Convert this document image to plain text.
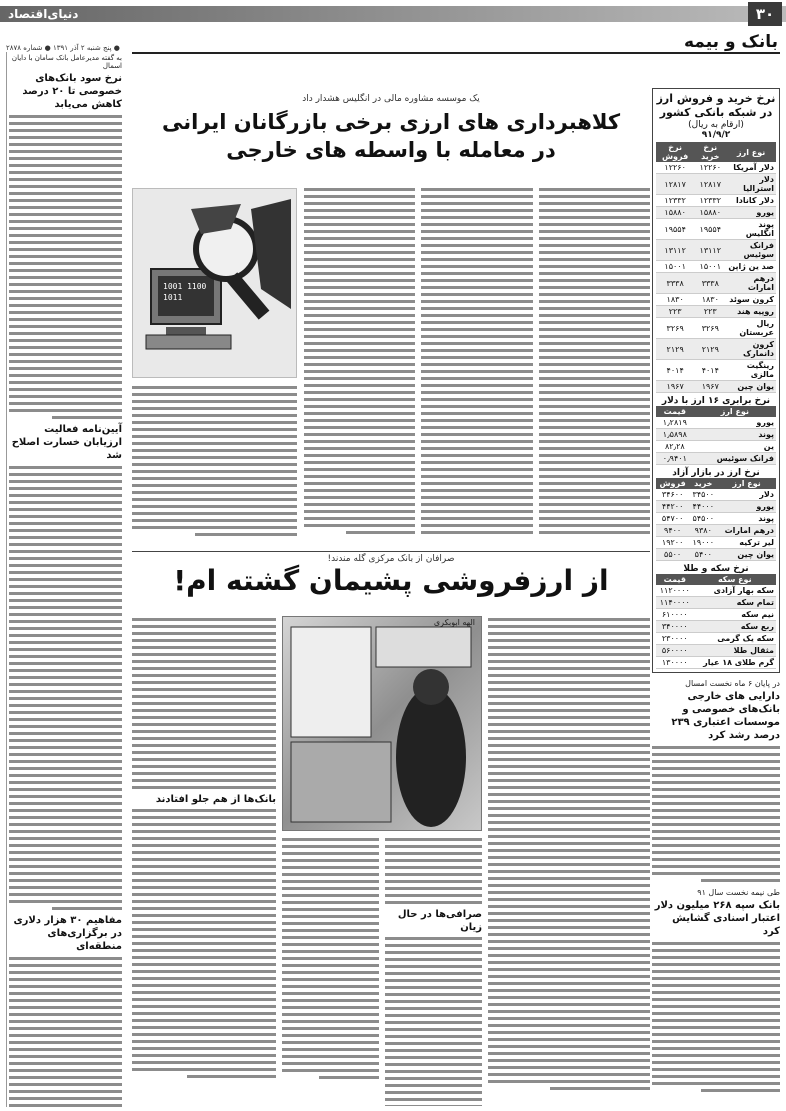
۳۰
دنیای‌اقتصاد
بانک و بیمه
● پنج شنبه ۲ آذر ۱۳۹۱ ● شماره ۲۸۷۸
به گفته مدیرعامل بانک سامان با دایان اسمال
نرخ سود بانک‌های خصوصی تا ۲۰ درصد کاهش می‌یابد
آیین‌نامه فعالیت ارزیابان خسارت اصلاح شد
مفاهیم ۳۰ هزار دلاری
در برگزاری‌های منطقه‌ای
یک موسسه مشاوره مالی در انگلیس هشدار داد
کلاهبرداری های ارزی برخی بازرگانان ایرانی
در معامله با واسطه های خارجی
1001 1100 1011
صرافان از بانک مرکزی گله مندند!
از ارزفروشی پشیمان گشته ام!
الهه ابوبکری
بانک‌ها از هم جلو افتادند
صرافی‌ها در حال زیان
نرخ خرید و فروش ارز در شبکه بانکی کشور
(ارقام به ریال)
۹۱/۹/۲
نوع ارز	نرخ خرید	نرخ فروش
دلار آمریکا	۱۲۲۶۰	۱۲۲۶۰
دلار استرالیا	۱۲۸۱۷	۱۲۸۱۷
دلار کانادا	۱۲۳۳۲	۱۲۳۳۲
یورو	۱۵۸۸۰	۱۵۸۸۰
پوند انگلیس	۱۹۵۵۴	۱۹۵۵۴
فرانک سوئیس	۱۳۱۱۲	۱۳۱۱۲
صد ین ژاپن	۱۵۰۰۱	۱۵۰۰۱
درهم امارات	۳۳۳۸	۳۳۳۸
کرون سوئد	۱۸۳۰	۱۸۳۰
روپیه هند	۲۲۳	۲۲۳
ریال عربستان	۳۲۶۹	۳۲۶۹
کرون دانمارک	۲۱۲۹	۲۱۲۹
رینگیت مالزی	۴۰۱۴	۴۰۱۴
یوان چین	۱۹۶۷	۱۹۶۷
نرخ برابری ۱۶ ارز با دلار
نوع ارز	قیمت
یورو	۱٫۲۸۱۹
پوند	۱٫۵۸۹۸
ین	۸۲٫۲۸
فرانک سوئیس	۰٫۹۴۰۱
نرخ ارز در بازار آزاد
نوع ارز	خرید	فروش
دلار	۳۴۵۰۰	۳۴۶۰۰
یورو	۴۴۰۰۰	۴۴۲۰۰
پوند	۵۴۵۰۰	۵۴۷۰۰
درهم امارات	۹۳۸۰	۹۴۰۰
لیر ترکیه	۱۹۰۰۰	۱۹۲۰۰
یوان چین	۵۴۰۰	۵۵۰۰
نرخ سکه و طلا
نوع سکه	قیمت
سکه بهار آزادی	۱۱۲۰۰۰۰
تمام سکه	۱۱۴۰۰۰۰
نیم سکه	۶۱۰۰۰۰
ربع سکه	۳۴۰۰۰۰
سکه یک گرمی	۲۳۰۰۰۰
مثقال طلا	۵۶۰۰۰۰
گرم طلای ۱۸ عیار	۱۳۰۰۰۰
در پایان ۶ ماه نخست امسال
دارایی های خارجی بانک‌های خصوصی و موسسات اعتباری ۲۳۹ درصد رشد کرد
طی نیمه نخست سال ۹۱
بانک سپه ۲۶۸ میلیون دلار اعتبار اسنادی گشایش کرد
